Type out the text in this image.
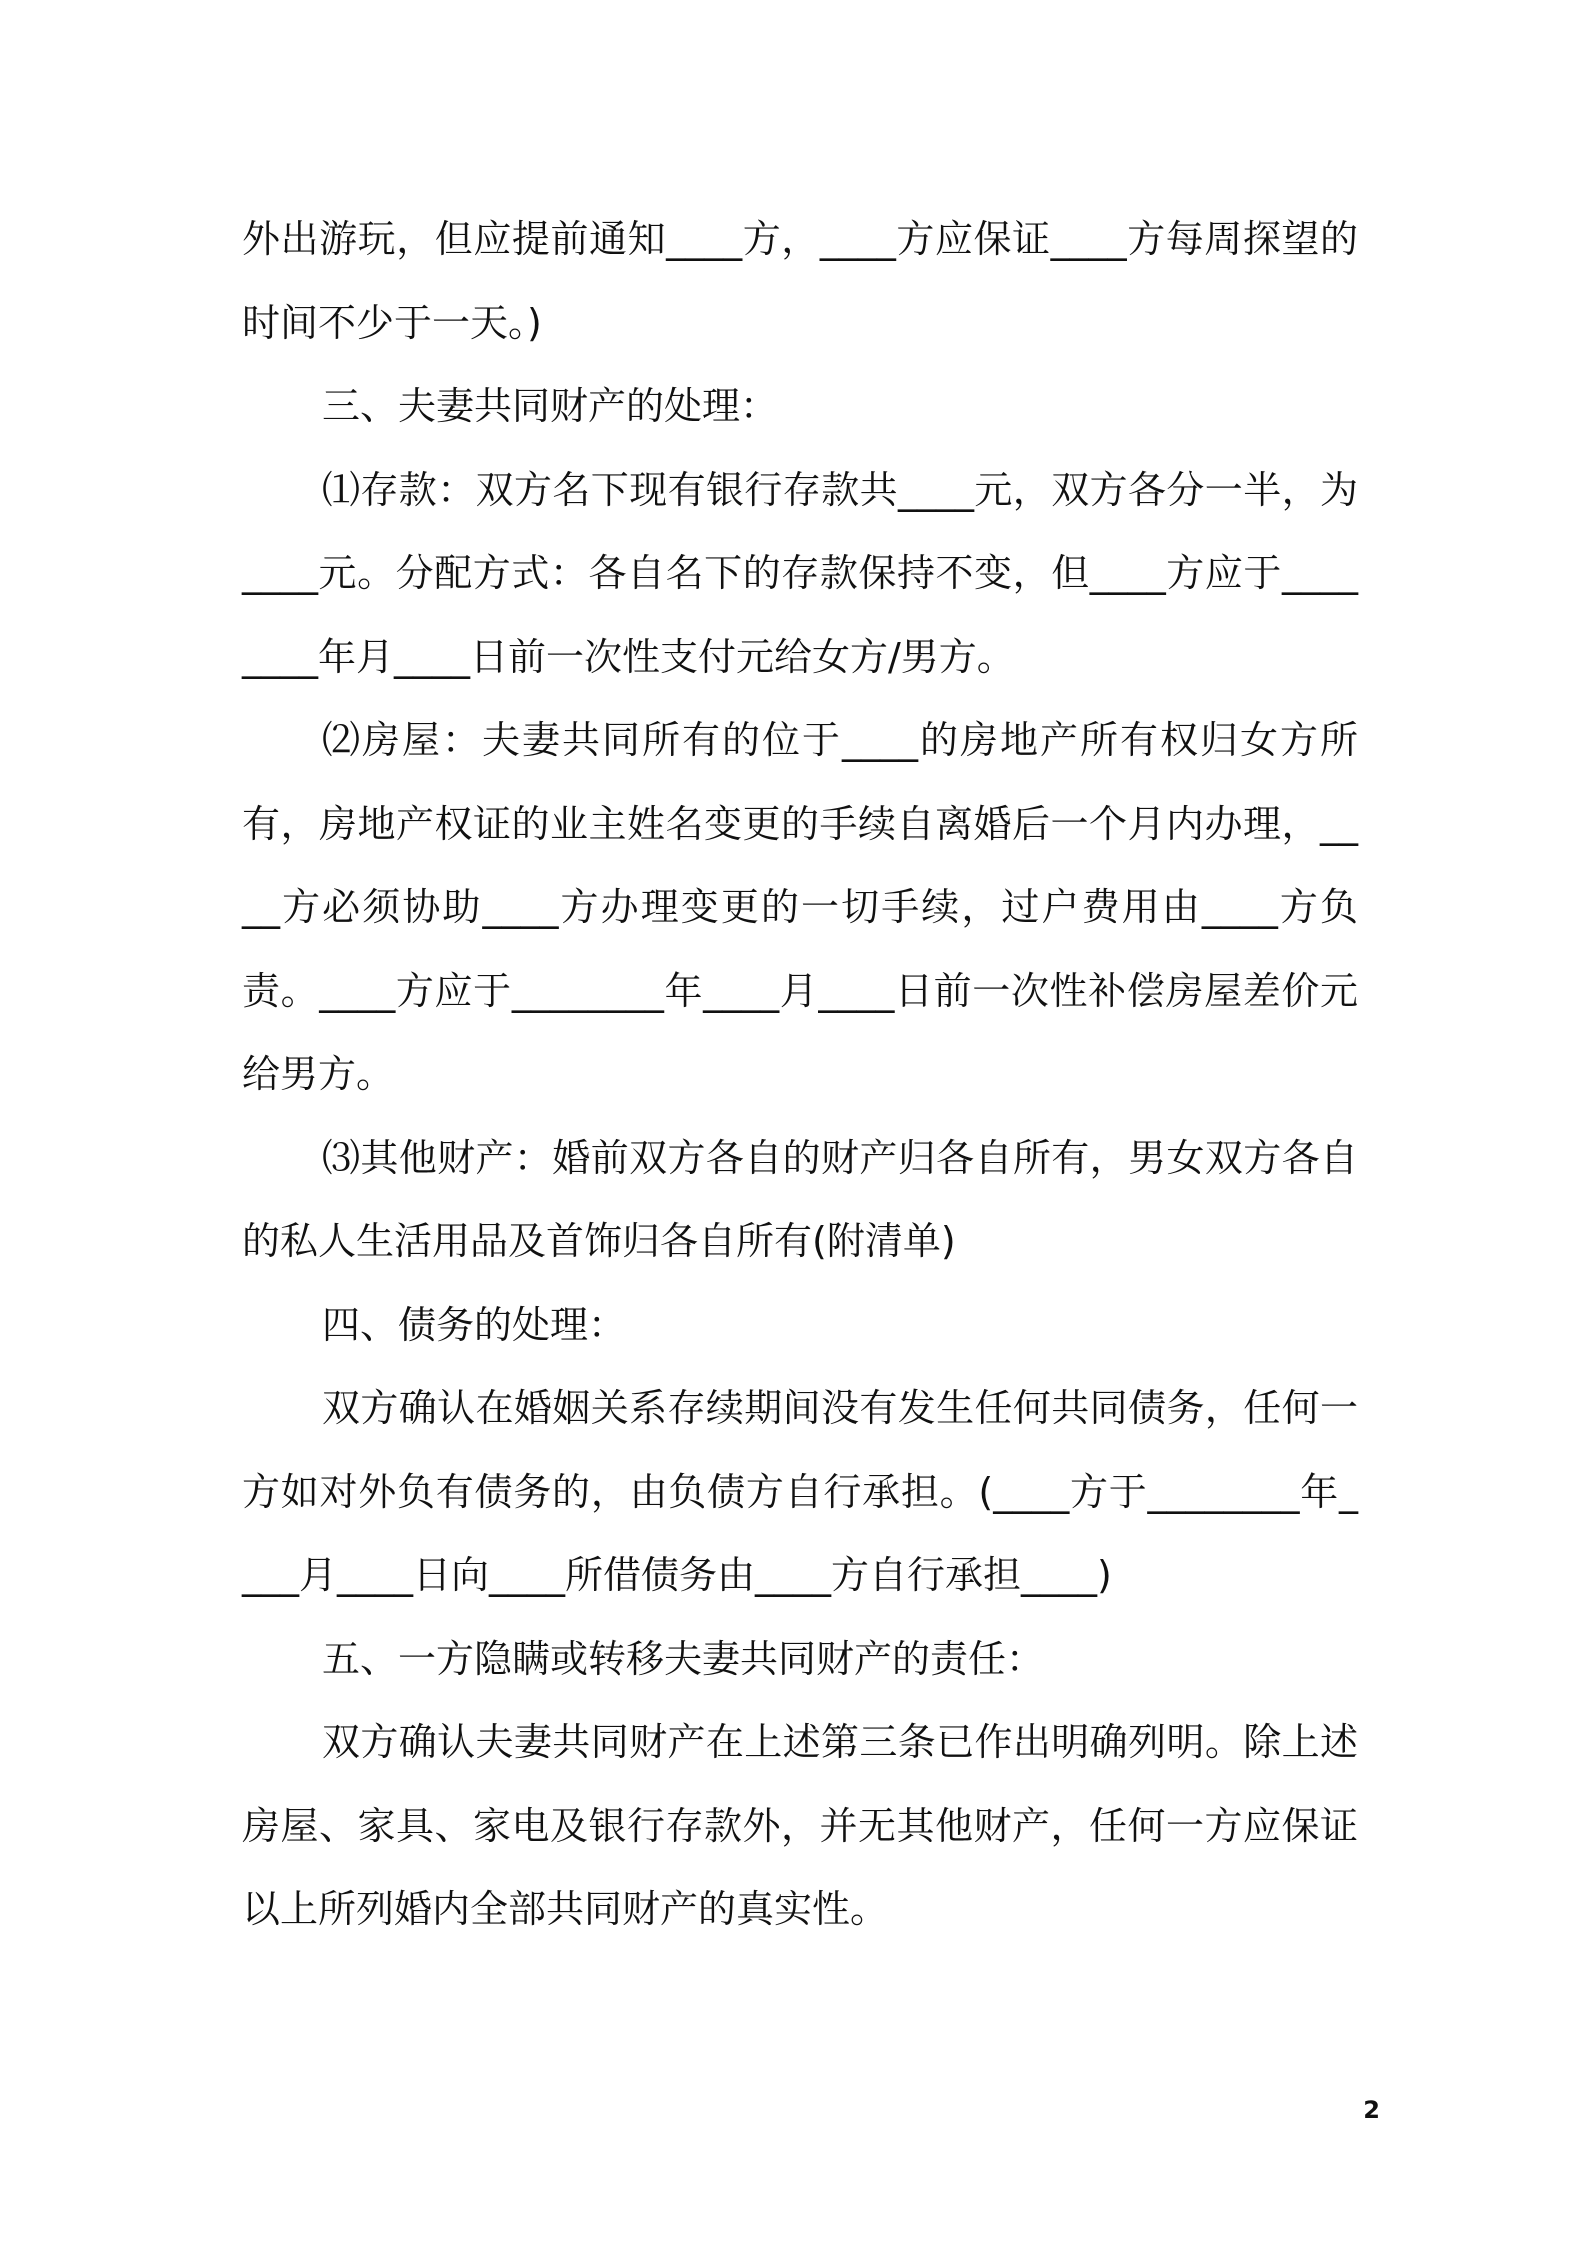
外出游玩，但应提前通知____方，____方应保证____方每周探望的时间不少于一天。)

三、夫妻共同财产的处理：

⑴存款：双方名下现有银行存款共____元，双方各分一半，为____元。分配方式：各自名下的存款保持不变，但____方应于________年月____日前一次性支付元给女方/男方。

⑵房屋：夫妻共同所有的位于____的房地产所有权归女方所有，房地产权证的业主姓名变更的手续自离婚后一个月内办理，____方必须协助____方办理变更的一切手续，过户费用由____方负责。____方应于________年____月____日前一次性补偿房屋差价元给男方。

⑶其他财产：婚前双方各自的财产归各自所有，男女双方各自的私人生活用品及首饰归各自所有(附清单)

四、债务的处理：

双方确认在婚姻关系存续期间没有发生任何共同债务，任何一方如对外负有债务的，由负债方自行承担。(____方于________年____月____日向____所借债务由____方自行承担____)

五、一方隐瞒或转移夫妻共同财产的责任：

双方确认夫妻共同财产在上述第三条已作出明确列明。除上述房屋、家具、家电及银行存款外，并无其他财产，任何一方应保证以上所列婚内全部共同财产的真实性。

2
